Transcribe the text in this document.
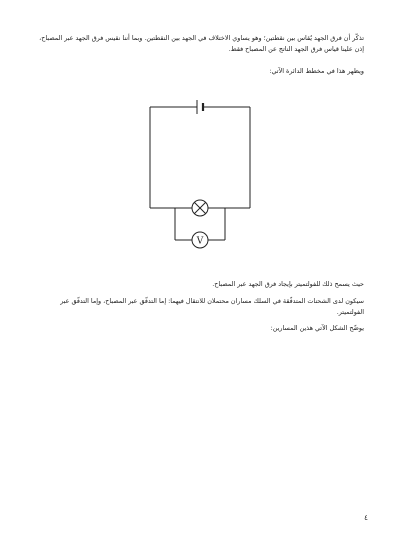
تذكّر أن فرق الجهد يُقاس بين نقطتين؛ وهو يساوي الاختلاف في الجهد بين النقطتين. وبما أننا نقيس فرق الجهد عبر المصباح، إذن علينا قياس فرق الجهد الناتج عن المصباح فقط.

ويظهر هذا في مخطط الدائرة الآتي:

V

حيث يسمح ذلك للفولتميتر بإيجاد فرق الجهد عبر المصباح.

سيكون لدى الشحنات المتدفّقة في السلك مساران محتملان للانتقال فيهما: إما التدفّق عبر المصباح، وإما التدفّق عبر الفولتميتر.

يوضّح الشكل الآتي هذين المسارين:

٤
